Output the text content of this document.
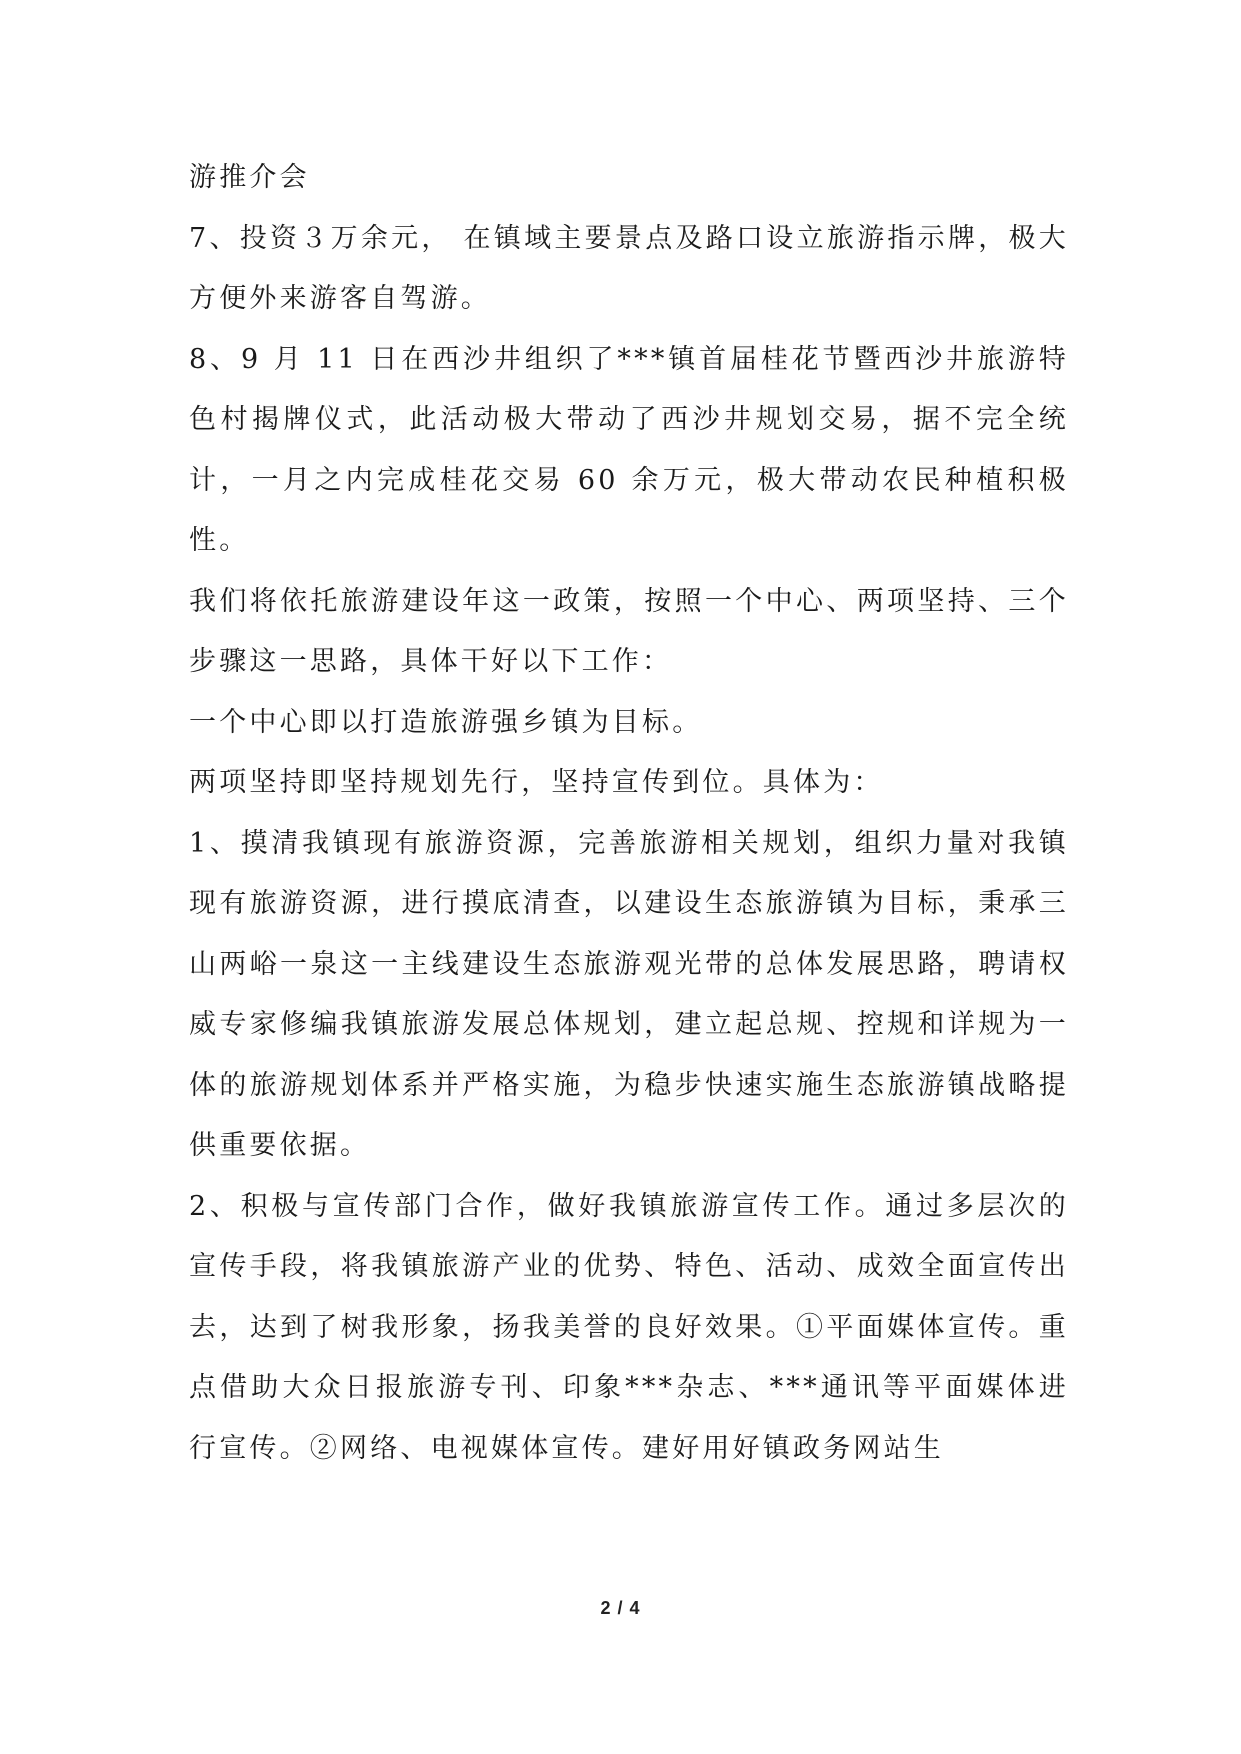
游推介会

7、投资３万余元， 在镇域主要景点及路口设立旅游指示牌，极大方便外来游客自驾游。

8、9 月 11 日在西沙井组织了***镇首届桂花节暨西沙井旅游特色村揭牌仪式，此活动极大带动了西沙井规划交易，据不完全统计，一月之内完成桂花交易 60 余万元，极大带动农民种植积极性。

我们将依托旅游建设年这一政策，按照一个中心、两项坚持、三个步骤这一思路，具体干好以下工作：

一个中心即以打造旅游强乡镇为目标。

两项坚持即坚持规划先行，坚持宣传到位。具体为：

1、摸清我镇现有旅游资源，完善旅游相关规划，组织力量对我镇现有旅游资源，进行摸底清查，以建设生态旅游镇为目标，秉承三山两峪一泉这一主线建设生态旅游观光带的总体发展思路，聘请权威专家修编我镇旅游发展总体规划，建立起总规、控规和详规为一体的旅游规划体系并严格实施，为稳步快速实施生态旅游镇战略提供重要依据。

2、积极与宣传部门合作，做好我镇旅游宣传工作。通过多层次的宣传手段，将我镇旅游产业的优势、特色、活动、成效全面宣传出去，达到了树我形象，扬我美誉的良好效果。①平面媒体宣传。重点借助大众日报旅游专刊、印象***杂志、***通讯等平面媒体进行宣传。②网络、电视媒体宣传。建好用好镇政务网站生

2 / 4
